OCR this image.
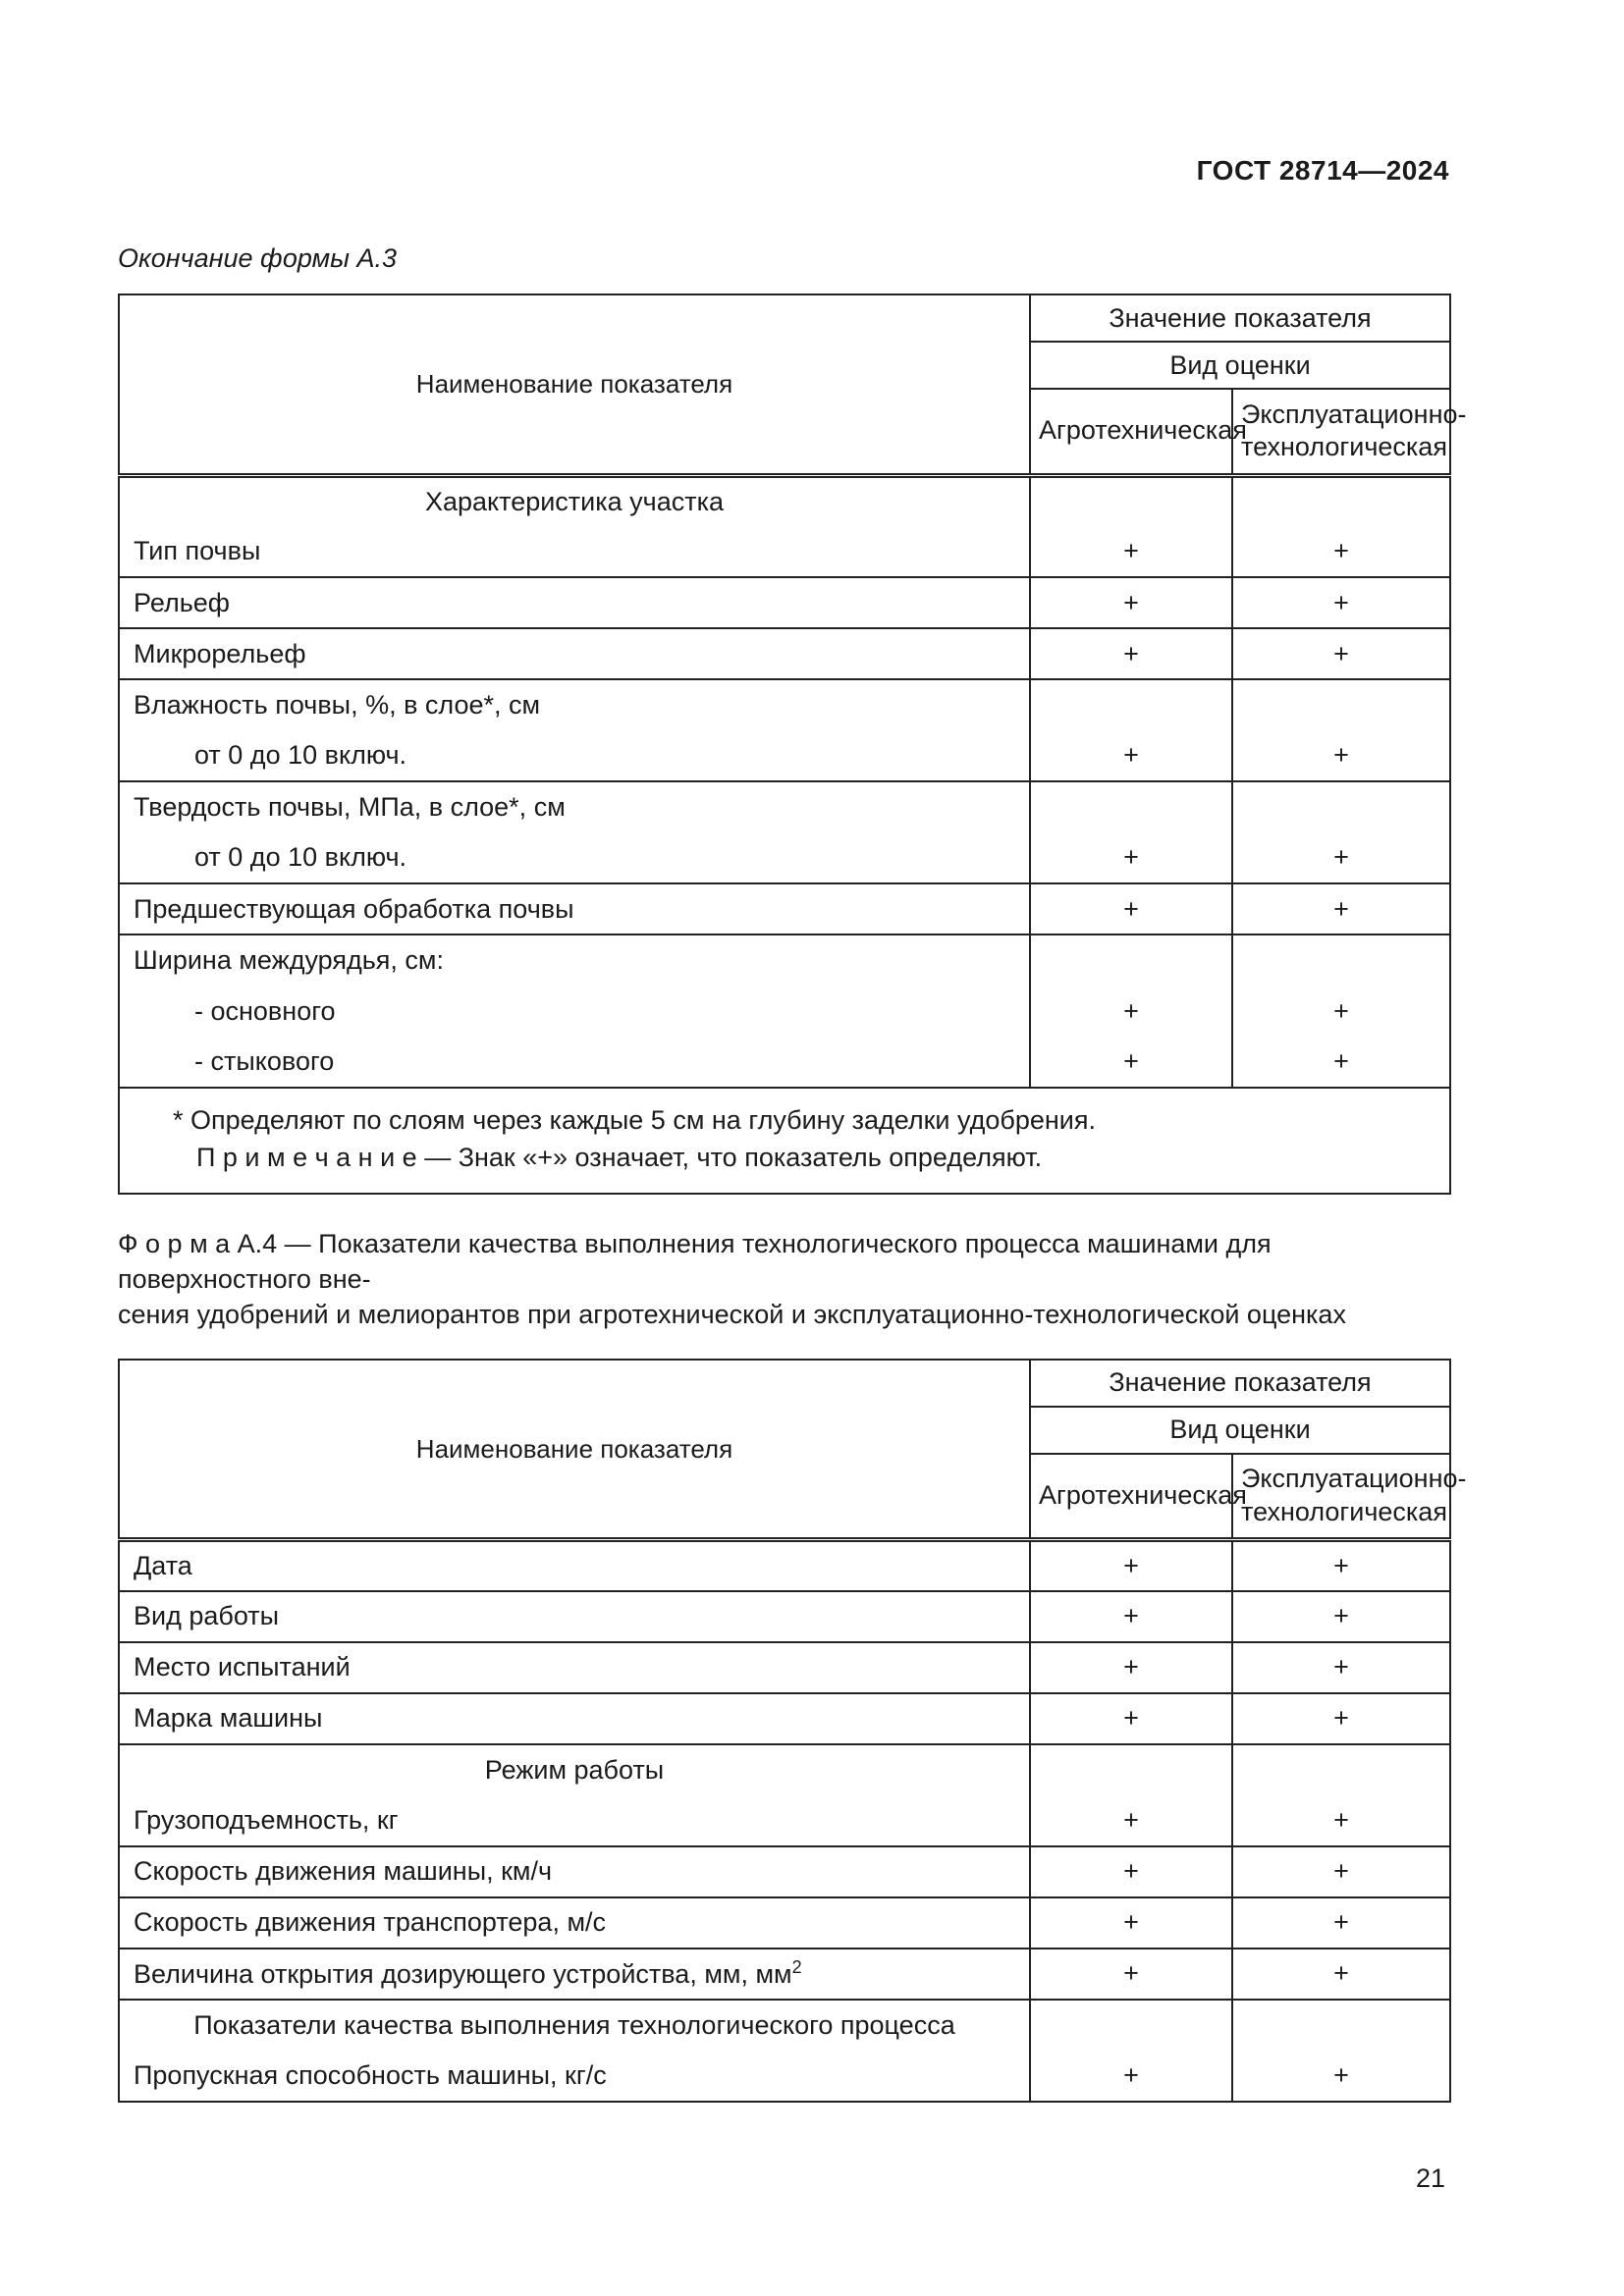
ГОСТ 28714—2024
Окончание формы А.3
Наименование показателя	Значение показателя	
	Вид оценки	
	Агротехническая	Эксплуатационно-технологическая
Характеристика участка		
Тип почвы	+	+
Рельеф	+	+
Микрорельеф	+	+
Влажность почвы, %, в слое*, см		
от 0 до 10 включ.	+	+
Твердость почвы, МПа, в слое*, см		
от 0 до 10 включ.	+	+
Предшествующая обработка почвы	+	+
Ширина междурядья, см:		
- основного	+	+
- стыкового	+	+

* Определяют по слоям через каждые 5 см на глубину заделки удобрения.
П р и м е ч а н и е — Знак «+» означает, что показатель определяют.		
Ф о р м а А.4 — Показатели качества выполнения технологического процесса машинами для поверхностного вне-
сения удобрений и мелиорантов при агротехнической и эксплуатационно-технологической оценках
Наименование показателя	Значение показателя	
	Вид оценки	
	Агротехническая	Эксплуатационно-технологическая
Дата	+	+
Вид работы	+	+
Место испытаний	+	+
Марка машины	+	+
Режим работы		
Грузоподъемность, кг	+	+
Скорость движения машины, км/ч	+	+
Скорость движения транспортера, м/с	+	+
Величина открытия дозирующего устройства, мм, $мм^2$	+	+
Показатели качества выполнения технологического процесса		
Пропускная способность машины, кг/с	+	+
21
